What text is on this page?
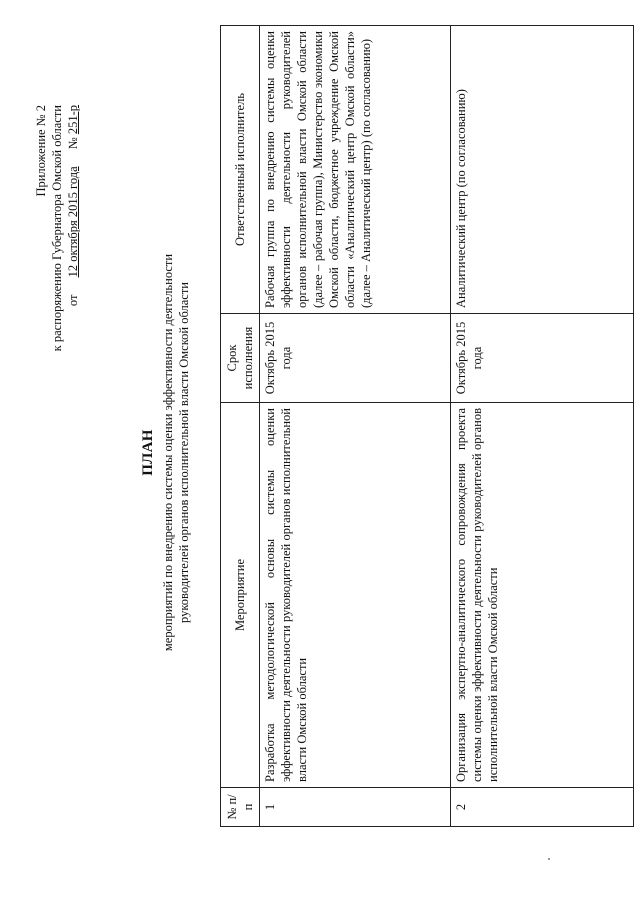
Приложение № 2 к распоряжению Губернатора Омской области от 12 октября 2015 года № 251-р
ПЛАН мероприятий по внедрению системы оценки эффективности деятельности руководителей органов исполнительной власти Омской области
№ п/п	Мероприятие	Срок исполнения	Ответственный исполнитель
1	Разработка методологической основы системы оценки эффективности деятельности руководителей органов исполнительной власти Омской области	Октябрь 2015 года	Рабочая группа по внедрению системы оценки эффективности деятельности руководителей органов исполнительной власти Омской области (далее – рабочая группа), Министерство экономики Омской области, бюджетное учреждение Омской области «Аналитический центр Омской области» (далее – Аналитический центр) (по согласованию)
2	Организация экспертно-аналитического сопровождения проекта системы оценки эффективности деятельности руководителей органов исполнительной власти Омской области	Октябрь 2015 года	Аналитический центр (по согласованию)
